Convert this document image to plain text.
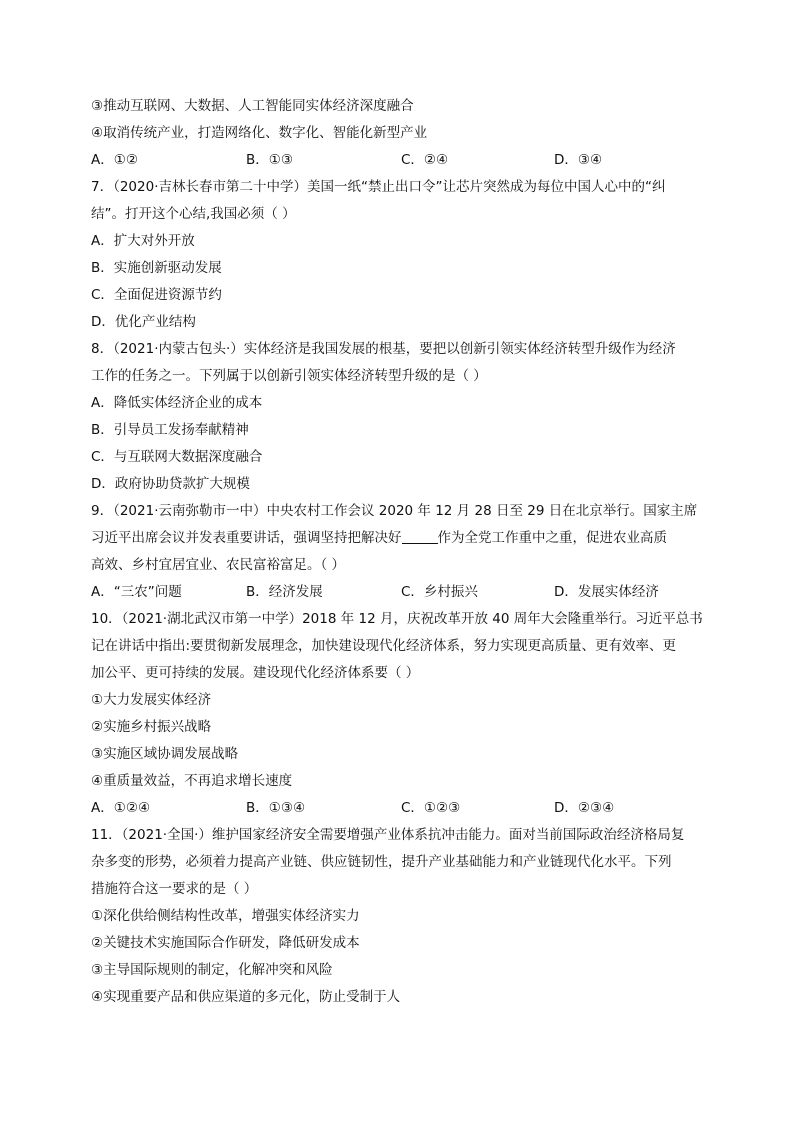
③推动互联网、大数据、人工智能同实体经济深度融合
④取消传统产业，打造网络化、数字化、智能化新型产业
A．①②	B．①③	C．②④	D．③④
7．（2020·吉林长春市第二十中学）美国一纸“禁止出口令”让芯片突然成为每位中国人心中的“纠
结”。打开这个心结,我国必须（ ）
A．扩大对外开放
B．实施创新驱动发展
C．全面促进资源节约
D．优化产业结构
8．（2021·内蒙古包头·）实体经济是我国发展的根基，要把以创新引领实体经济转型升级作为经济
工作的任务之一。下列属于以创新引领实体经济转型升级的是（ ）
A．降低实体经济企业的成本
B．引导员工发扬奉献精神
C．与互联网大数据深度融合
D．政府协助贷款扩大规模
9．（2021·云南弥勒市一中）中央农村工作会议 2020 年 12 月 28 日至 29 日在北京举行。国家主席
习近平出席会议并发表重要讲话，强调坚持把解决好	作为全党工作重中之重，促进农业高质
高效、乡村宜居宜业、农民富裕富足。（ ）
A．“三农”问题	B．经济发展	C．乡村振兴	D．发展实体经济
10．（2021·湖北武汉市第一中学）2018 年 12 月，庆祝改革开放 40 周年大会隆重举行。习近平总书
记在讲话中指出:要贯彻新发展理念，加快建设现代化经济体系，努力实现更高质量、更有效率、更
加公平、更可持续的发展。建设现代化经济体系要（ ）
①大力发展实体经济
②实施乡村振兴战略
③实施区域协调发展战略
④重质量效益，不再追求增长速度
A．①②④	B．①③④	C．①②③	D．②③④
11．（2021·全国·）维护国家经济安全需要增强产业体系抗冲击能力。面对当前国际政治经济格局复
杂多变的形势，必须着力提高产业链、供应链韧性，提升产业基础能力和产业链现代化水平。下列
措施符合这一要求的是（ ）
①深化供给侧结构性改革，增强实体经济实力
②关键技术实施国际合作研发，降低研发成本
③主导国际规则的制定，化解冲突和风险
④实现重要产品和供应渠道的多元化，防止受制于人
